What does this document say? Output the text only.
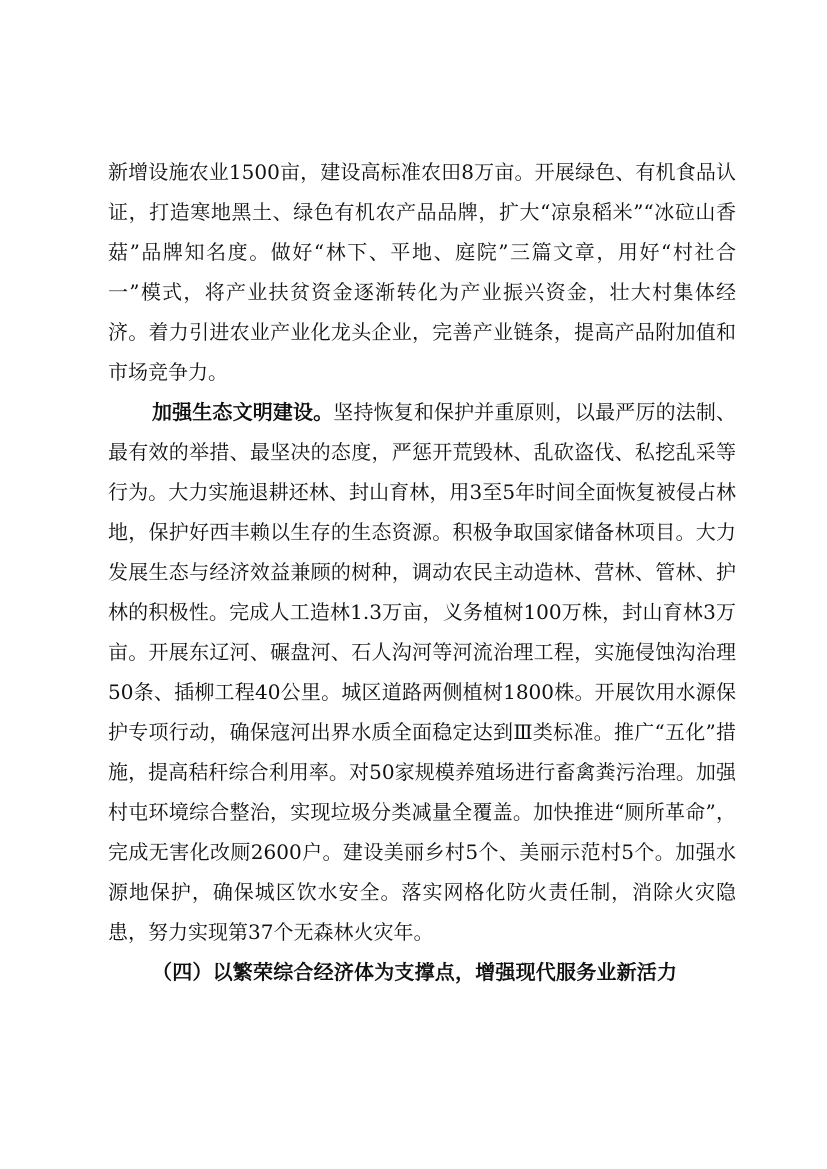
新增设施农业1500亩，建设高标准农田8万亩。开展绿色、有机食品认证，打造寒地黑土、绿色有机农产品品牌，扩大“凉泉稻米”“冰砬山香菇”品牌知名度。做好“林下、平地、庭院”三篇文章，用好“村社合一”模式，将产业扶贫资金逐渐转化为产业振兴资金，壮大村集体经济。着力引进农业产业化龙头企业，完善产业链条，提高产品附加值和市场竞争力。

加强生态文明建设。坚持恢复和保护并重原则，以最严厉的法制、最有效的举措、最坚决的态度，严惩开荒毁林、乱砍盗伐、私挖乱采等行为。大力实施退耕还林、封山育林，用3至5年时间全面恢复被侵占林地，保护好西丰赖以生存的生态资源。积极争取国家储备林项目。大力发展生态与经济效益兼顾的树种，调动农民主动造林、营林、管林、护林的积极性。完成人工造林1.3万亩，义务植树100万株，封山育林3万亩。开展东辽河、碾盘河、石人沟河等河流治理工程，实施侵蚀沟治理50条、插柳工程40公里。城区道路两侧植树1800株。开展饮用水源保护专项行动，确保寇河出界水质全面稳定达到Ⅲ类标准。推广“五化”措施，提高秸秆综合利用率。对50家规模养殖场进行畜禽粪污治理。加强村屯环境综合整治，实现垃圾分类减量全覆盖。加快推进“厕所革命”，完成无害化改厕2600户。建设美丽乡村5个、美丽示范村5个。加强水源地保护，确保城区饮水安全。落实网格化防火责任制，消除火灾隐患，努力实现第37个无森林火灾年。

（四）以繁荣综合经济体为支撑点，增强现代服务业新活力
